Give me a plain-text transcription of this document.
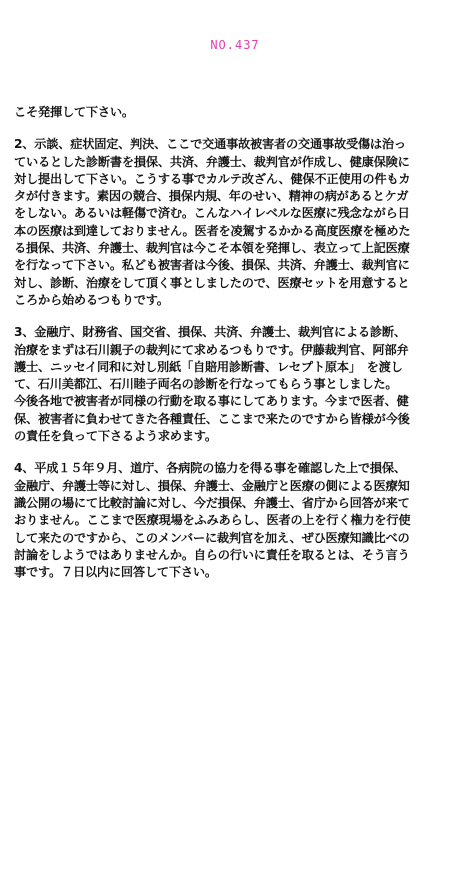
NO.437
こそ発揮して下さい。
2、示談、症状固定、判決、ここで交通事故被害者の交通事故受傷は治っ
ているとした診断書を損保、共済、弁護士、裁判官が作成し、健康保険に
対し提出して下さい。こうする事でカルテ改ざん、健保不正使用の件もカ
タが付きます。素因の競合、損保内規、年のせい、精神の病があるとケガ
をしない。あるいは軽傷で済む。こんなハイレベルな医療に残念ながら日
本の医療は到達しておりません。医者を凌駕するかかる高度医療を極めた
る損保、共済、弁護士、裁判官は今こそ本領を発揮し、表立って上記医療
を行なって下さい。私ども被害者は今後、損保、共済、弁護士、裁判官に
対し、診断、治療をして頂く事としましたので、医療セットを用意すると
ころから始めるつもりです。
3、金融庁、財務省、国交省、損保、共済、弁護士、裁判官による診断、
治療をまずは石川親子の裁判にて求めるつもりです。伊藤裁判官、阿部弁
護士、ニッセイ同和に対し別紙「自賠用診断書、レセプト原本」　を渡し
て、石川美都江、石川睦子両名の診断を行なってもらう事としました。
今後各地で被害者が同様の行動を取る事にしてあります。今まで医者、健
保、被害者に負わせてきた各種責任、ここまで来たのですから皆様が今後
の責任を負って下さるよう求めます。
4、平成１５年９月、道庁、各病院の協力を得る事を確認した上で損保、
金融庁、弁護士等に対し、損保、弁護士、金融庁と医療の側による医療知
識公開の場にて比較討論に対し、今だ損保、弁護士、省庁から回答が来て
おりません。ここまで医療現場をふみあらし、医者の上を行く権力を行使
して来たのですから、このメンバーに裁判官を加え、ぜひ医療知識比べの
討論をしようではありませんか。自らの行いに責任を取るとは、そう言う
事です。７日以内に回答して下さい。
